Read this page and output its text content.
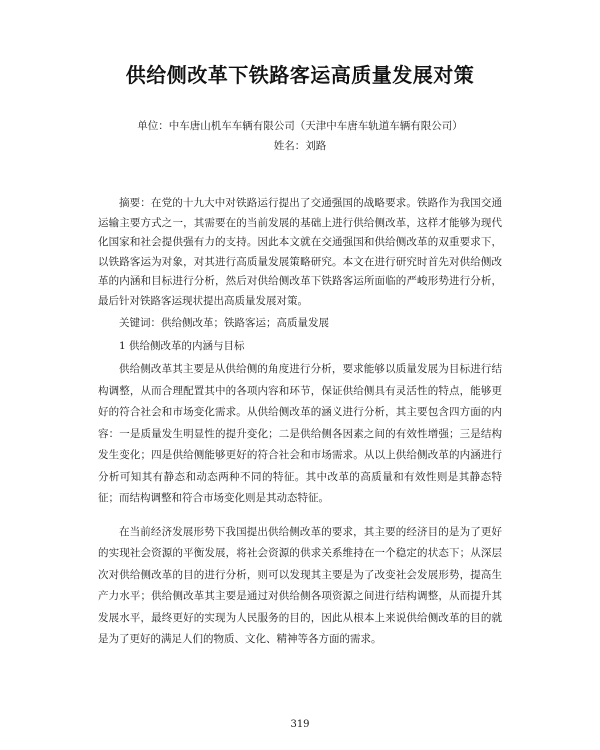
供给侧改革下铁路客运高质量发展对策
单位：中车唐山机车车辆有限公司（天津中车唐车轨道车辆有限公司）
姓名：刘路

摘要：在党的十九大中对铁路运行提出了交通强国的战略要求。铁路作为我国交通运输主要方式之一，其需要在的当前发展的基础上进行供给侧改革，这样才能够为现代化国家和社会提供强有力的支持。因此本文就在交通强国和供给侧改革的双重要求下，以铁路客运为对象，对其进行高质量发展策略研究。本文在进行研究时首先对供给侧改革的内涵和目标进行分析，然后对供给侧改革下铁路客运所面临的严峻形势进行分析，最后针对铁路客运现状提出高质量发展对策。

关键词：供给侧改革；铁路客运；高质量发展

1 供给侧改革的内涵与目标

供给侧改革其主要是从供给侧的角度进行分析，要求能够以质量发展为目标进行结构调整，从而合理配置其中的各项内容和环节，保证供给侧具有灵活性的特点，能够更好的符合社会和市场变化需求。从供给侧改革的涵义进行分析，其主要包含四方面的内容：一是质量发生明显性的提升变化；二是供给侧各因素之间的有效性增强；三是结构发生变化；四是供给侧能够更好的符合社会和市场需求。从以上供给侧改革的内涵进行分析可知其有静态和动态两种不同的特征。其中改革的高质量和有效性则是其静态特征；而结构调整和符合市场变化则是其动态特征。

在当前经济发展形势下我国提出供给侧改革的要求，其主要的经济目的是为了更好的实现社会资源的平衡发展，将社会资源的供求关系维持在一个稳定的状态下；从深层次对供给侧改革的目的进行分析，则可以发现其主要是为了改变社会发展形势，提高生产力水平；供给侧改革其主要是通过对供给侧各项资源之间进行结构调整，从而提升其发展水平，最终更好的实现为人民服务的目的，因此从根本上来说供给侧改革的目的就是为了更好的满足人们的物质、文化、精神等各方面的需求。

319
